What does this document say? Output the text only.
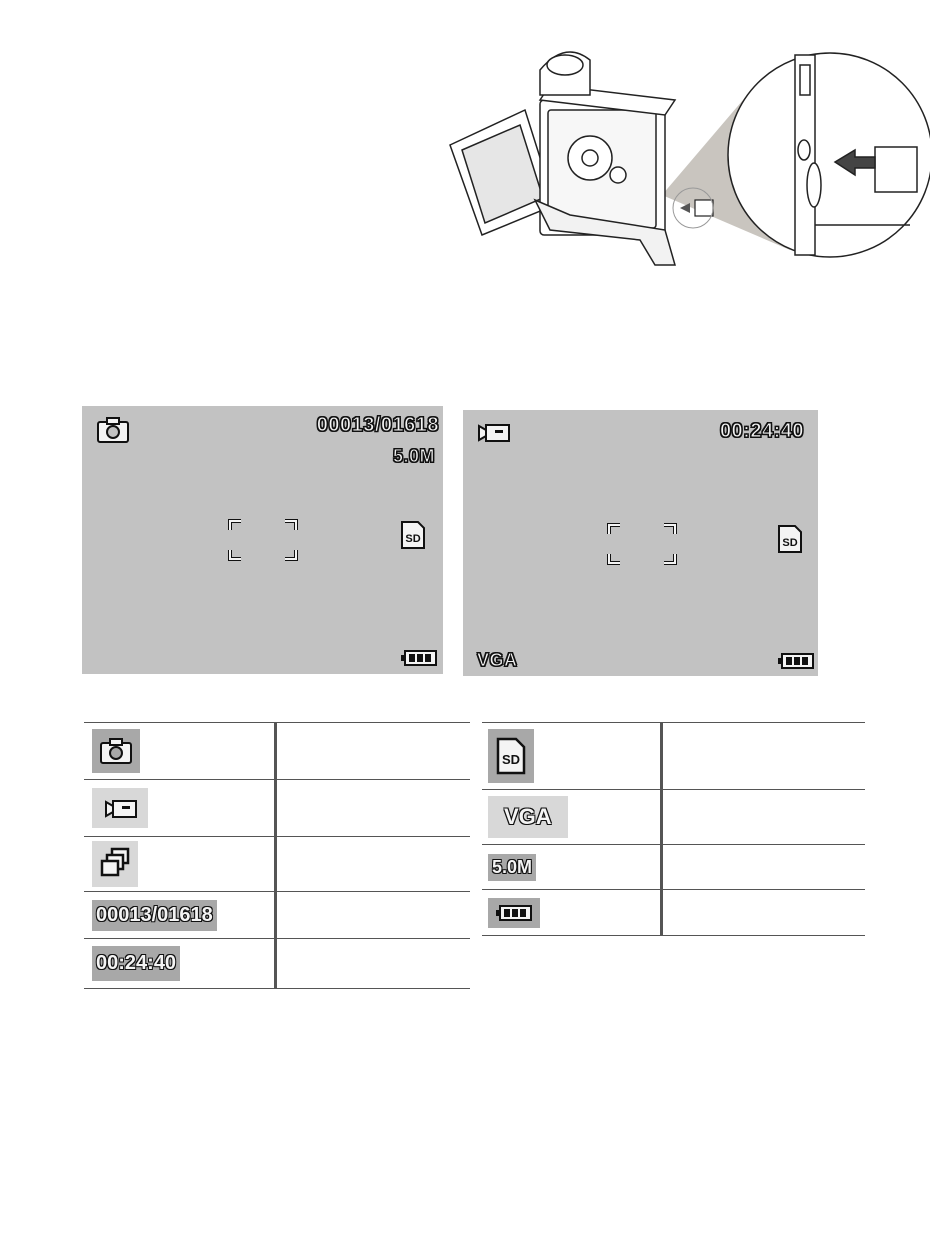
00013/01618
5.0M
SD
00:24:40
SD
VGA

00013/01618	
00:24:40	
SD	

VGA	
5.0M	
